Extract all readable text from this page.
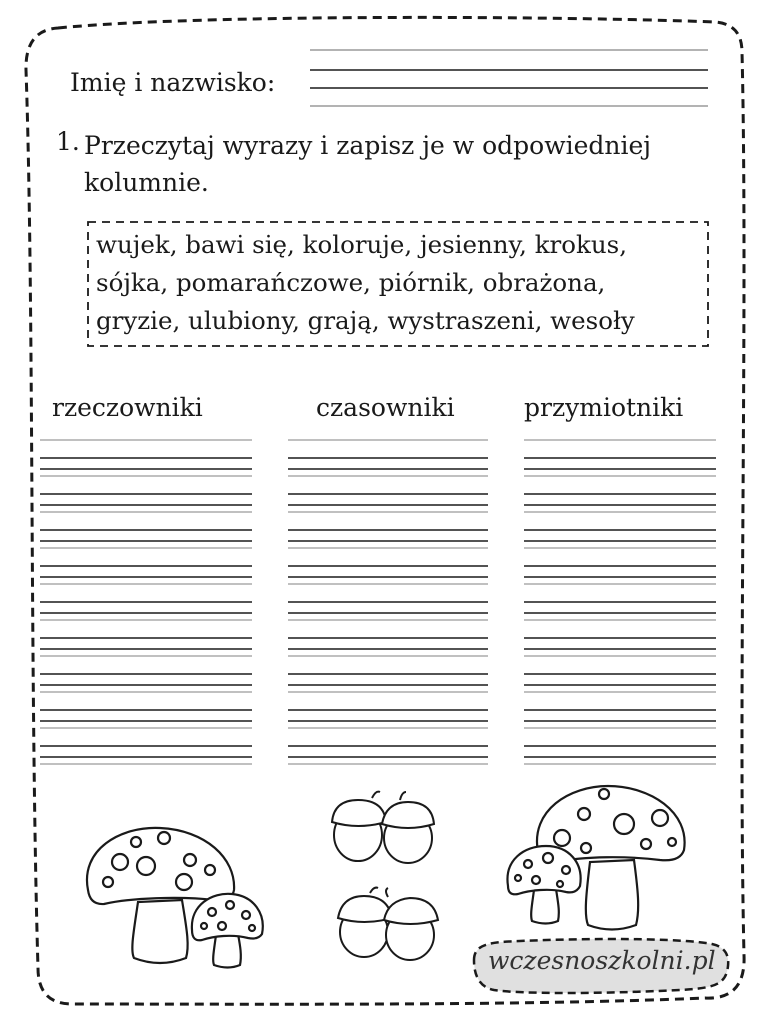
Imię i nazwisko:
1. Przeczytaj wyrazy i zapisz je w odpowiedniej kolumnie.
wujek, bawi się, koloruje, jesienny, krokus,
sójka, pomarańczowe, piórnik, obrażona,
gryzie, ulubiony, grają, wystraszeni, wesoły
rzeczowniki	czasowniki	przymiotniki
wczesnoszkolni.pl
